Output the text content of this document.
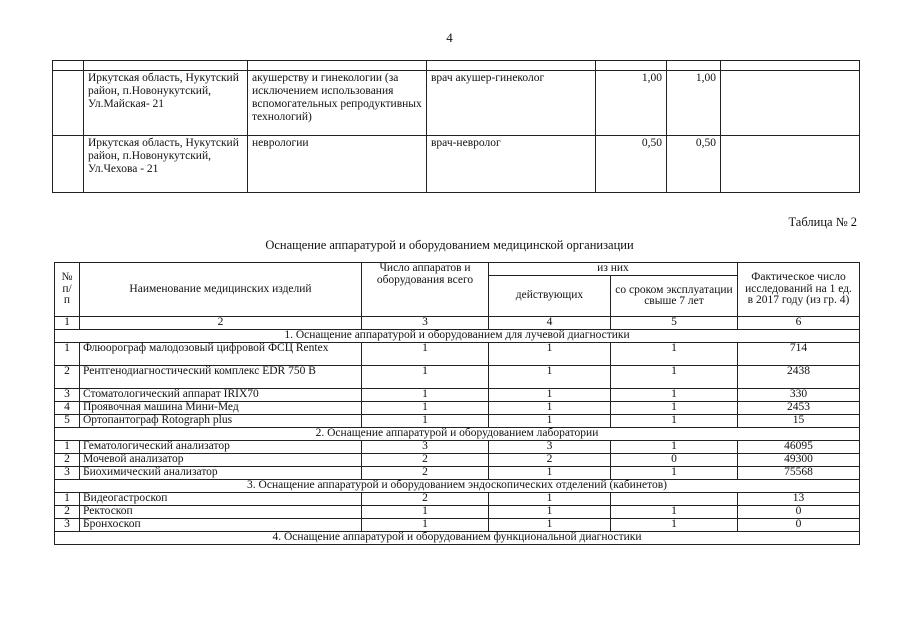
4

	Иркутская область, Нукутский район, п.Новонукутский, Ул.Майская- 21	акушерству и гинекологии (за исключением использования вспомогательных репродуктивных технологий)	врач акушер-гинеколог	1,00	1,00	
	Иркутская область, Нукутский район, п.Новонукутский, Ул.Чехова - 21	неврологии	врач-невролог	0,50	0,50	
Таблица № 2
Оснащение аппаратурой и оборудованием медицинской организации
№ п/ п	Наименование медицинских изделий	Число аппаратов и оборудования всего	из них		Фактическое число исследований на 1 ед. в 2017 году (из гр. 4)
			действующих	со сроком эксплуатации свыше 7 лет	
1	2	3	4	5	6
1. Оснащение аппаратурой и оборудованием для лучевой диагностики					
1	Флюорограф малодозовый цифровой ФСЦ Rentex	1	1	1	714
2	Рентгенодиагностический комплекс EDR 750 В	1	1	1	2438
3	Стоматологический аппарат IRIX70	1	1	1	330
4	Проявочная машина Мини-Мед	1	1	1	2453
5	Ортопантограф Rotograph plus	1	1	1	15
2. Оснащение аппаратурой и оборудованием лаборатории					
1	Гематологический анализатор	3	3	1	46095
2	Мочевой анализатор	2	2	0	49300
3	Биохимический анализатор	2	1	1	75568
3. Оснащение аппаратурой и оборудованием эндоскопических отделений (кабинетов)					
1	Видеогастроскоп	2	1		13
2	Ректоскоп	1	1	1	0
3	Бронхоскоп	1	1	1	0
4. Оснащение аппаратурой и оборудованием функциональной диагностики					
